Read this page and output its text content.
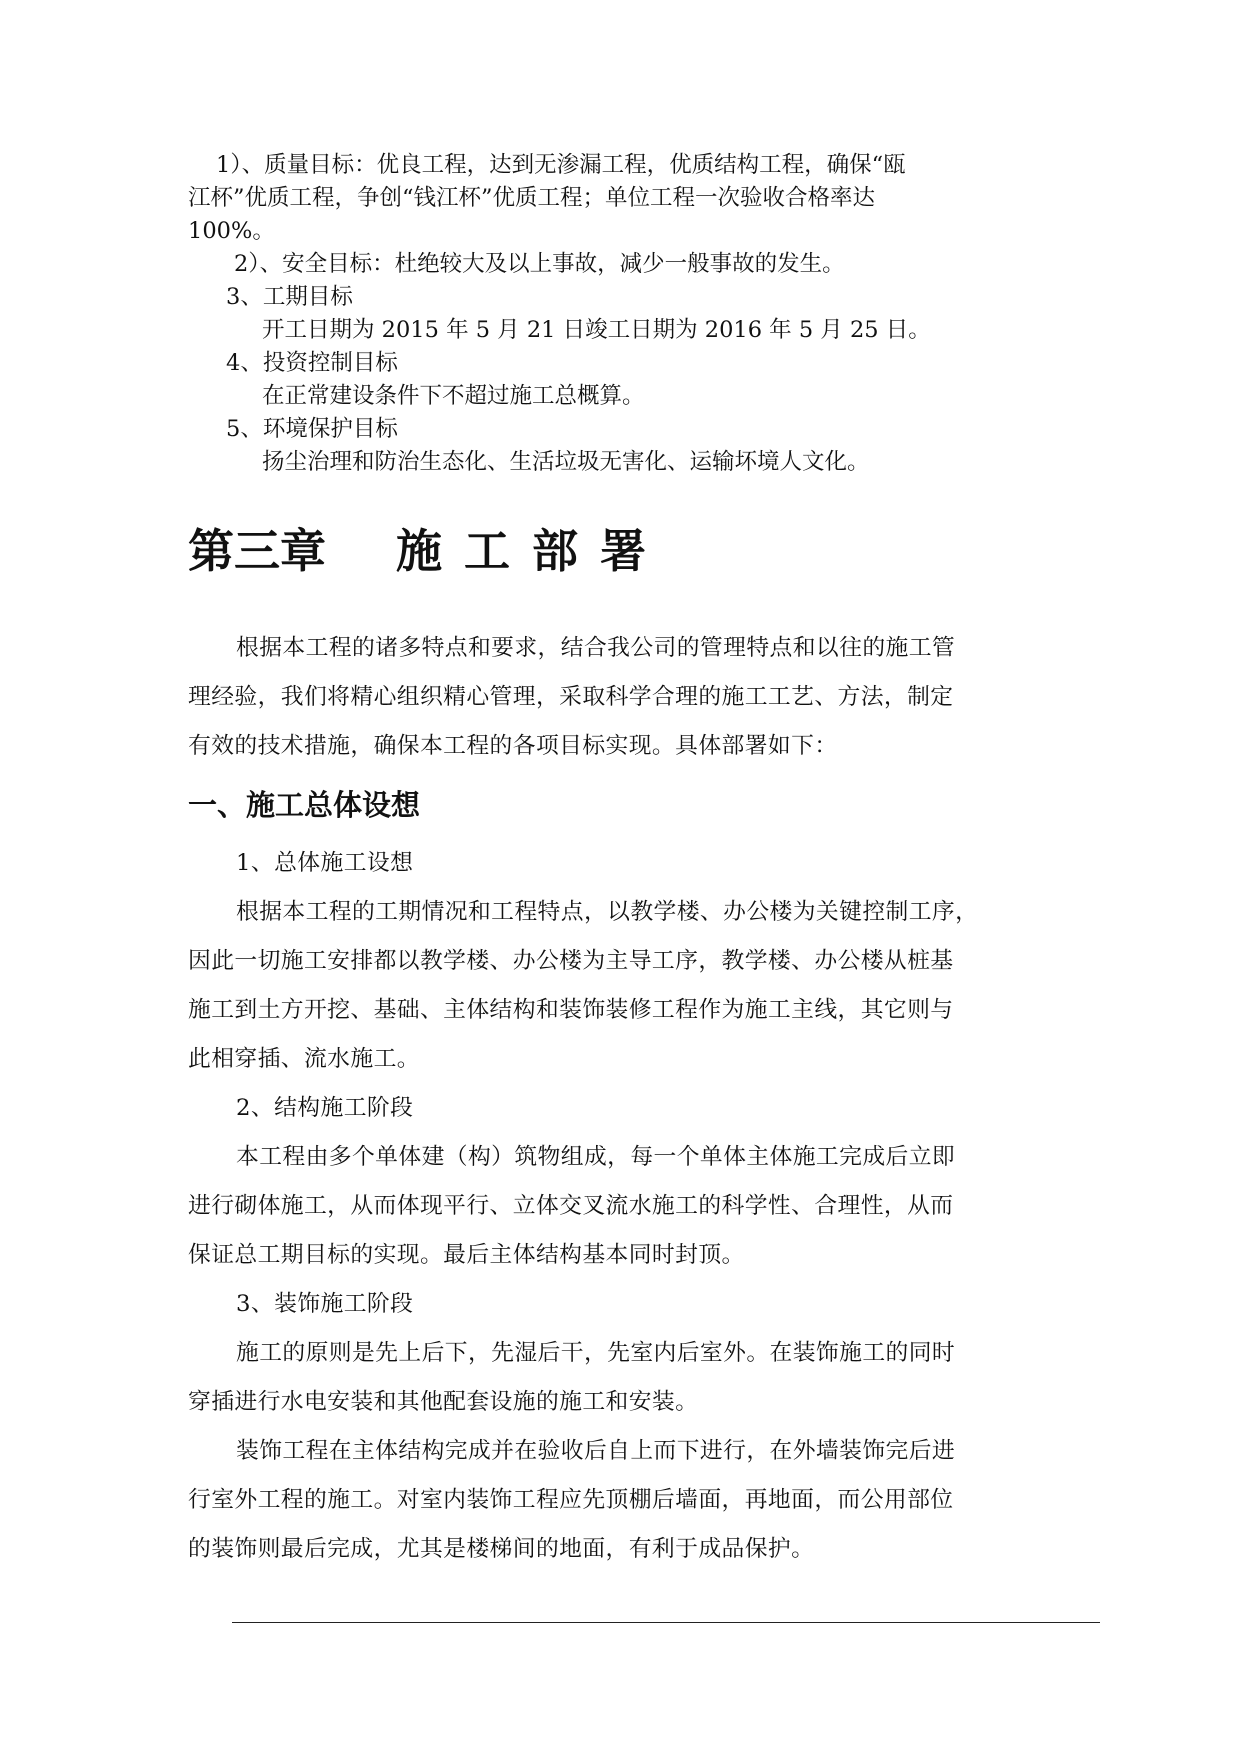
1）、质量目标：优良工程，达到无渗漏工程，优质结构工程，确保“瓯
江杯”优质工程，争创“钱江杯”优质工程；单位工程一次验收合格率达
100%。
2）、安全目标：杜绝较大及以上事故，减少一般事故的发生。
3、工期目标
开工日期为 2015 年 5 月 21 日竣工日期为 2016 年 5 月 25 日。
4、投资控制目标
在正常建设条件下不超过施工总概算。
5、环境保护目标
扬尘治理和防治生态化、生活垃圾无害化、运输坏境人文化。
第三章 施工部署
根据本工程的诸多特点和要求，结合我公司的管理特点和以往的施工管
理经验，我们将精心组织精心管理，采取科学合理的施工工艺、方法，制定
有效的技术措施，确保本工程的各项目标实现。具体部署如下：
一、施工总体设想
1、总体施工设想
根据本工程的工期情况和工程特点，以教学楼、办公楼为关键控制工序，
因此一切施工安排都以教学楼、办公楼为主导工序，教学楼、办公楼从桩基
施工到土方开挖、基础、主体结构和装饰装修工程作为施工主线，其它则与
此相穿插、流水施工。
2、结构施工阶段
本工程由多个单体建（构）筑物组成，每一个单体主体施工完成后立即
进行砌体施工，从而体现平行、立体交叉流水施工的科学性、合理性，从而
保证总工期目标的实现。最后主体结构基本同时封顶。
3、装饰施工阶段
施工的原则是先上后下，先湿后干，先室内后室外。在装饰施工的同时
穿插进行水电安装和其他配套设施的施工和安装。
装饰工程在主体结构完成并在验收后自上而下进行，在外墙装饰完后进
行室外工程的施工。对室内装饰工程应先顶棚后墙面，再地面，而公用部位
的装饰则最后完成，尤其是楼梯间的地面，有利于成品保护。
